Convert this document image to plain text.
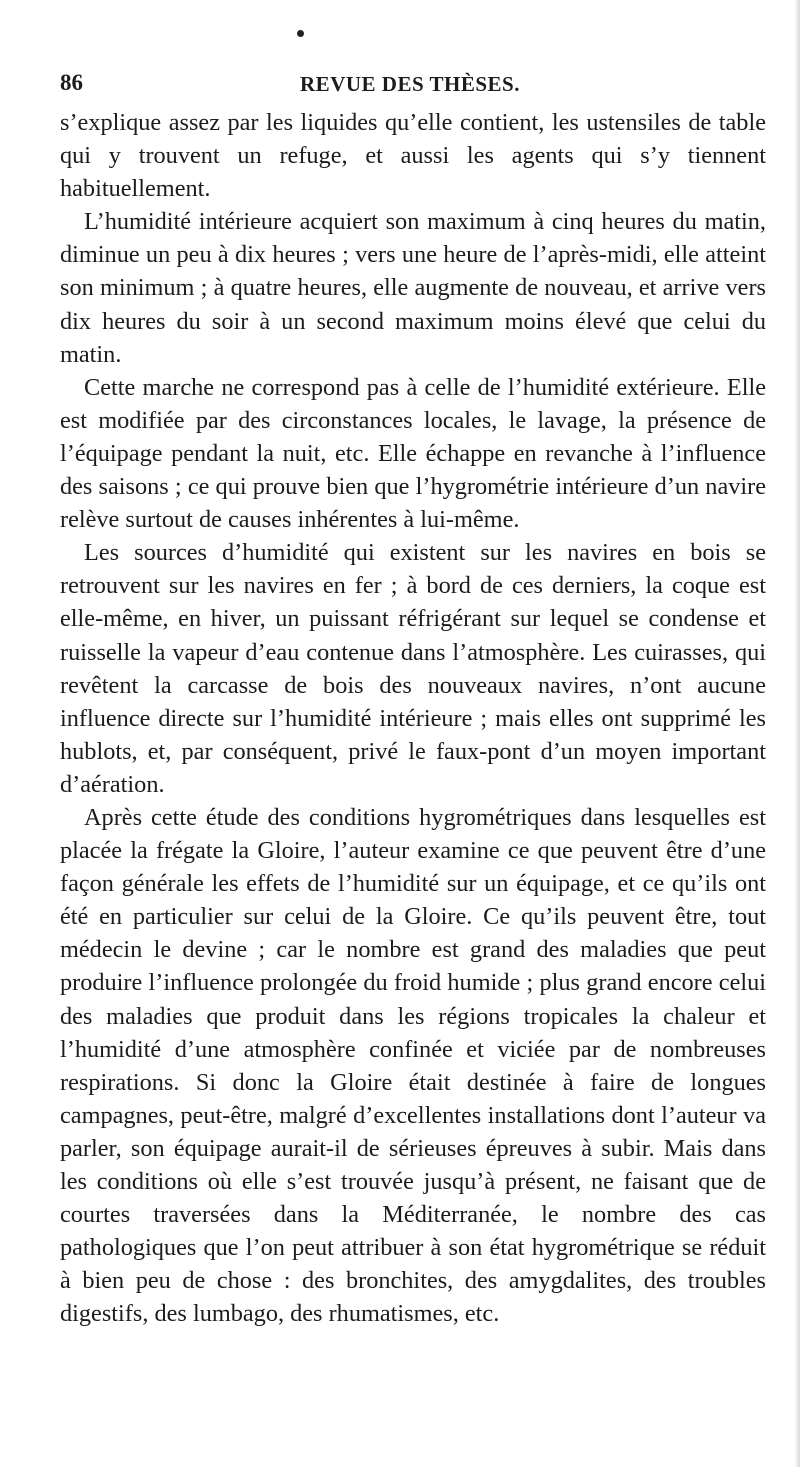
86	REVUE DES THÈSES.

s’explique assez par les liquides qu’elle contient, les ustensiles de table qui y trouvent un refuge, et aussi les agents qui s’y tiennent habituellement.

L’humidité intérieure acquiert son maximum à cinq heures du matin, diminue un peu à dix heures ; vers une heure de l’après-midi, elle atteint son minimum ; à quatre heures, elle augmente de nouveau, et arrive vers dix heures du soir à un second maximum moins élevé que celui du matin.

Cette marche ne correspond pas à celle de l’humidité extérieure. Elle est modifiée par des circonstances locales, le lavage, la présence de l’équipage pendant la nuit, etc. Elle échappe en revanche à l’influence des saisons ; ce qui prouve bien que l’hygrométrie intérieure d’un navire relève surtout de causes inhérentes à lui-même.

Les sources d’humidité qui existent sur les navires en bois se retrouvent sur les navires en fer ; à bord de ces derniers, la coque est elle-même, en hiver, un puissant réfrigérant sur lequel se condense et ruisselle la vapeur d’eau contenue dans l’atmosphère. Les cuirasses, qui revêtent la carcasse de bois des nouveaux navires, n’ont aucune influence directe sur l’humidité intérieure ; mais elles ont supprimé les hublots, et, par conséquent, privé le faux-pont d’un moyen important d’aération.

Après cette étude des conditions hygrométriques dans lesquelles est placée la frégate la Gloire, l’auteur examine ce que peuvent être d’une façon générale les effets de l’humidité sur un équipage, et ce qu’ils ont été en particulier sur celui de la Gloire. Ce qu’ils peuvent être, tout médecin le devine ; car le nombre est grand des maladies que peut produire l’influence prolongée du froid humide ; plus grand encore celui des maladies que produit dans les régions tropicales la chaleur et l’humidité d’une atmosphère confinée et viciée par de nombreuses respirations. Si donc la Gloire était destinée à faire de longues campagnes, peut-être, malgré d’excellentes installations dont l’auteur va parler, son équipage aurait-il de sérieuses épreuves à subir. Mais dans les conditions où elle s’est trouvée jusqu’à présent, ne faisant que de courtes traversées dans la Méditerranée, le nombre des cas pathologiques que l’on peut attribuer à son état hygrométrique se réduit à bien peu de chose : des bronchites, des amygdalites, des troubles digestifs, des lumbago, des rhumatismes, etc.
